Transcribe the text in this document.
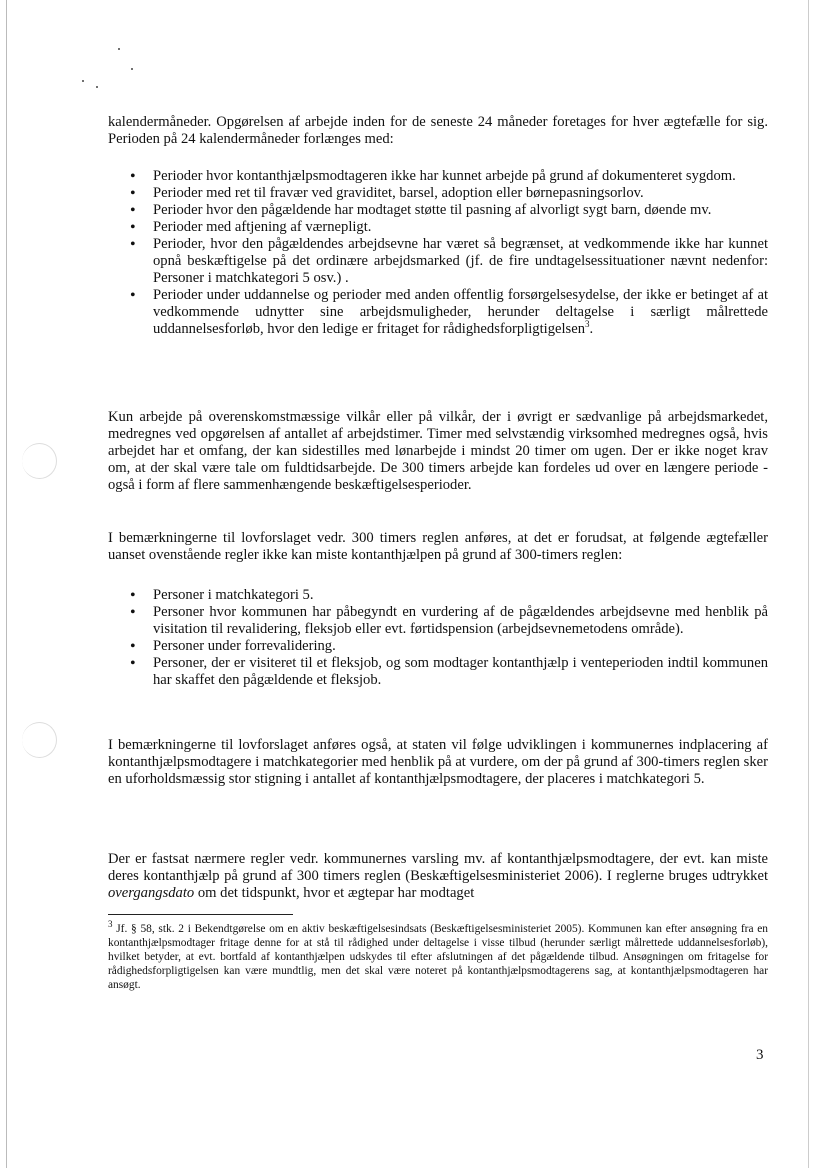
kalendermåneder. Opgørelsen af arbejde inden for de seneste 24 måneder foretages for hver ægtefælle for sig. Perioden på 24 kalendermåneder forlænges med:

• Perioder hvor kontanthjælpsmodtageren ikke har kunnet arbejde på grund af dokumenteret sygdom.
• Perioder med ret til fravær ved graviditet, barsel, adoption eller børnepasningsorlov.
• Perioder hvor den pågældende har modtaget støtte til pasning af alvorligt sygt barn, døende mv.
• Perioder med aftjening af værnepligt.
• Perioder, hvor den pågældendes arbejdsevne har været så begrænset, at vedkommende ikke har kunnet opnå beskæftigelse på det ordinære arbejdsmarked (jf. de fire undtagelsessituationer nævnt nedenfor: Personer i matchkategori 5 osv.) .
• Perioder under uddannelse og perioder med anden offentlig forsørgelsesydelse, der ikke er betinget af at vedkommende udnytter sine arbejdsmuligheder, herunder deltagelse i særligt målrettede uddannelsesforløb, hvor den ledige er fritaget for rådighedsforpligtigelsen$^3$.

Kun arbejde på overenskomstmæssige vilkår eller på vilkår, der i øvrigt er sædvanlige på arbejdsmarkedet, medregnes ved opgørelsen af antallet af arbejdstimer. Timer med selvstændig virksomhed medregnes også, hvis arbejdet har et omfang, der kan sidestilles med lønarbejde i mindst 20 timer om ugen. Der er ikke noget krav om, at der skal være tale om fuldtidsarbejde. De 300 timers arbejde kan fordeles ud over en længere periode - også i form af flere sammenhængende beskæftigelsesperioder.

I bemærkningerne til lovforslaget vedr. 300 timers reglen anføres, at det er forudsat, at følgende ægtefæller uanset ovenstående regler ikke kan miste kontanthjælpen på grund af 300-timers reglen:

• Personer i matchkategori 5.
• Personer hvor kommunen har påbegyndt en vurdering af de pågældendes arbejdsevne med henblik på visitation til revalidering, fleksjob eller evt. førtidspension (arbejdsevnemetodens område).
• Personer under forrevalidering.
• Personer, der er visiteret til et fleksjob, og som modtager kontanthjælp i venteperioden indtil kommunen har skaffet den pågældende et fleksjob.

I bemærkningerne til lovforslaget anføres også, at staten vil følge udviklingen i kommunernes indplacering af kontanthjælpsmodtagere i matchkategorier med henblik på at vurdere, om der på grund af 300-timers reglen sker en uforholdsmæssig stor stigning i antallet af kontanthjælpsmodtagere, der placeres i matchkategori 5.

Der er fastsat nærmere regler vedr. kommunernes varsling mv. af kontanthjælpsmodtagere, der evt. kan miste deres kontanthjælp på grund af 300 timers reglen (Beskæftigelsesministeriet 2006). I reglerne bruges udtrykket overgangsdato om det tidspunkt, hvor et ægtepar har modtaget

$^3$ Jf. § 58, stk. 2 i Bekendtgørelse om en aktiv beskæftigelsesindsats (Beskæftigelsesministeriet 2005). Kommunen kan efter ansøgning fra en kontanthjælpsmodtager fritage denne for at stå til rådighed under deltagelse i visse tilbud (herunder særligt målrettede uddannelsesforløb), hvilket betyder, at evt. bortfald af kontanthjælpen udskydes til efter afslutningen af det pågældende tilbud. Ansøgningen om fritagelse for rådighedsforpligtigelsen kan være mundtlig, men det skal være noteret på kontanthjælpsmodtagerens sag, at kontanthjælpsmodtageren har ansøgt.
3
